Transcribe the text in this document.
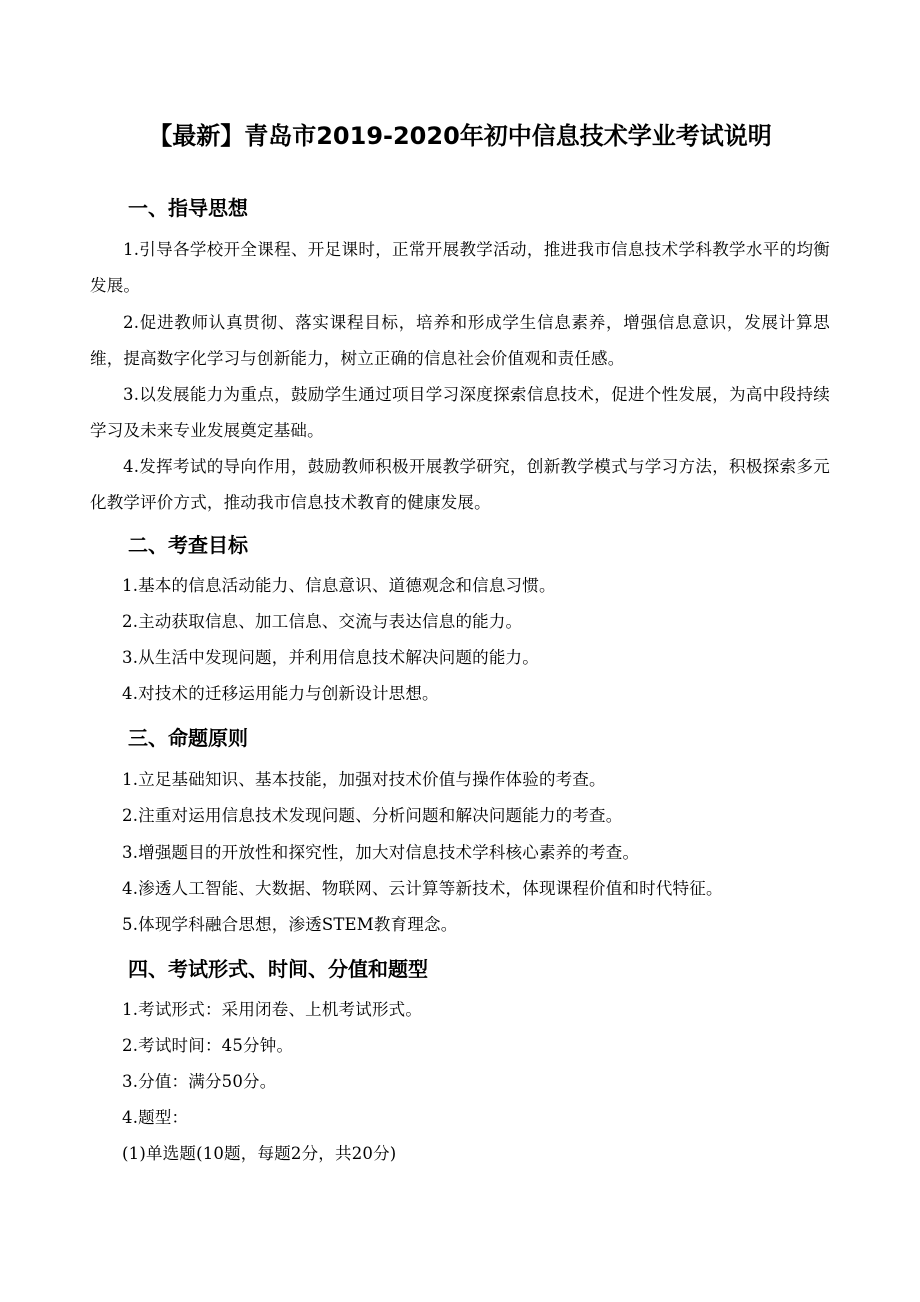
【最新】青岛市2019-2020年初中信息技术学业考试说明
一、指导思想
1.引导各学校开全课程、开足课时，正常开展教学活动，推进我市信息技术学科教学水平的均衡发展。
2.促进教师认真贯彻、落实课程目标，培养和形成学生信息素养，增强信息意识，发展计算思维，提高数字化学习与创新能力，树立正确的信息社会价值观和责任感。
3.以发展能力为重点，鼓励学生通过项目学习深度探索信息技术，促进个性发展，为高中段持续学习及未来专业发展奠定基础。
4.发挥考试的导向作用，鼓励教师积极开展教学研究，创新教学模式与学习方法，积极探索多元化教学评价方式，推动我市信息技术教育的健康发展。
二、考查目标
1.基本的信息活动能力、信息意识、道德观念和信息习惯。
2.主动获取信息、加工信息、交流与表达信息的能力。
3.从生活中发现问题，并利用信息技术解决问题的能力。
4.对技术的迁移运用能力与创新设计思想。
三、命题原则
1.立足基础知识、基本技能，加强对技术价值与操作体验的考查。
2.注重对运用信息技术发现问题、分析问题和解决问题能力的考查。
3.增强题目的开放性和探究性，加大对信息技术学科核心素养的考查。
4.渗透人工智能、大数据、物联网、云计算等新技术，体现课程价值和时代特征。
5.体现学科融合思想，渗透STEM教育理念。
四、考试形式、时间、分值和题型
1.考试形式：采用闭卷、上机考试形式。
2.考试时间：45分钟。
3.分值：满分50分。
4.题型：
(1)单选题(10题，每题2分，共20分)
